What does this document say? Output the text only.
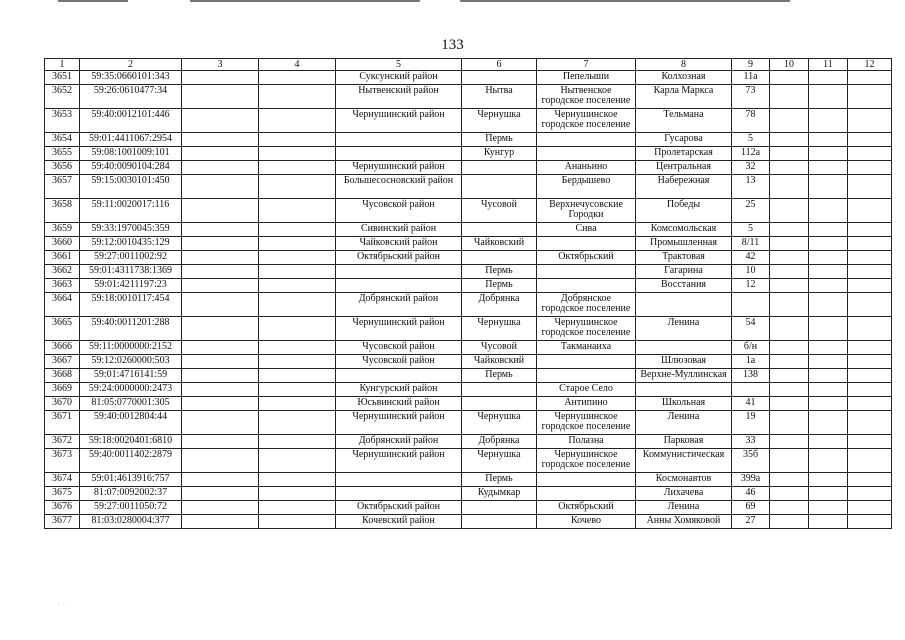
133
1	2	3	4	5	6	7	8	9	10	11	12
3651	59:35:0660101:343			Суксунский район		Пепелыши	Колхозная	11а			
3652	59:26:0610477:34			Нытвенский район	Нытва	Нытвенское городское поселение	Карла Маркса	73			
3653	59:40:0012101:446			Чернушинский район	Чернушка	Чернушинское городское поселение	Тельмана	78			
3654	59:01:4411067:2954				Пермь		Гусарова	5			
3655	59:08:1001009:101				Кунгур		Пролетарская	112а			
3656	59:40:0090104:284			Чернушинский район		Ананьино	Центральная	32			
3657	59:15:0030101:450			Большесосновский район		Бердышево	Набережная	13			
3658	59:11:0020017:116			Чусовской район	Чусовой	Верхнечусовские Городки	Победы	25			
3659	59:33:1970045:359			Сивинский район		Сива	Комсомольская	5			
3660	59:12:0010435:129			Чайковский район	Чайковский		Промышленная	8/11			
3661	59:27:0011002:92			Октябрьский район		Октябрьский	Трактовая	42			
3662	59:01:4311738:1369				Пермь		Гагарина	10			
3663	59:01:4211197:23				Пермь		Восстания	12			
3664	59:18:0010117:454			Добрянский район	Добрянка	Добрянское городское поселение					
3665	59:40:0011201:288			Чернушинский район	Чернушка	Чернушинское городское поселение	Ленина	54			
3666	59:11:0000000:2152			Чусовской район	Чусовой	Такманаиха		б/н			
3667	59:12:0260000:503			Чусовской район	Чайковский		Шлюзовая	1а			
3668	59:01:4716141:59				Пермь		Верхне-Муллинская	138			
3669	59:24:0000000:2473			Кунгурский район		Старое Село					
3670	81:05:0770001:305			Юсьвинский район		Антипино	Школьная	41			
3671	59:40:0012804:44			Чернушинский район	Чернушка	Чернушинское городское поселение	Ленина	19			
3672	59:18:0020401:6810			Добрянский район	Добрянка	Полазна	Парковая	33			
3673	59:40:0011402:2879			Чернушинский район	Чернушка	Чернушинское городское поселение	Коммунистическая	35б			
3674	59:01:4613916:757				Пермь		Космонавтов	399а			
3675	81:07:0092002:37				Кудымкар		Лихачева	46			
3676	59:27:0011050:72			Октябрьский район		Октябрьский	Ленина	69			
3677	81:03:0280004:377			Кочевский район		Кочево	Анны Хомяковой	27			
· ·
